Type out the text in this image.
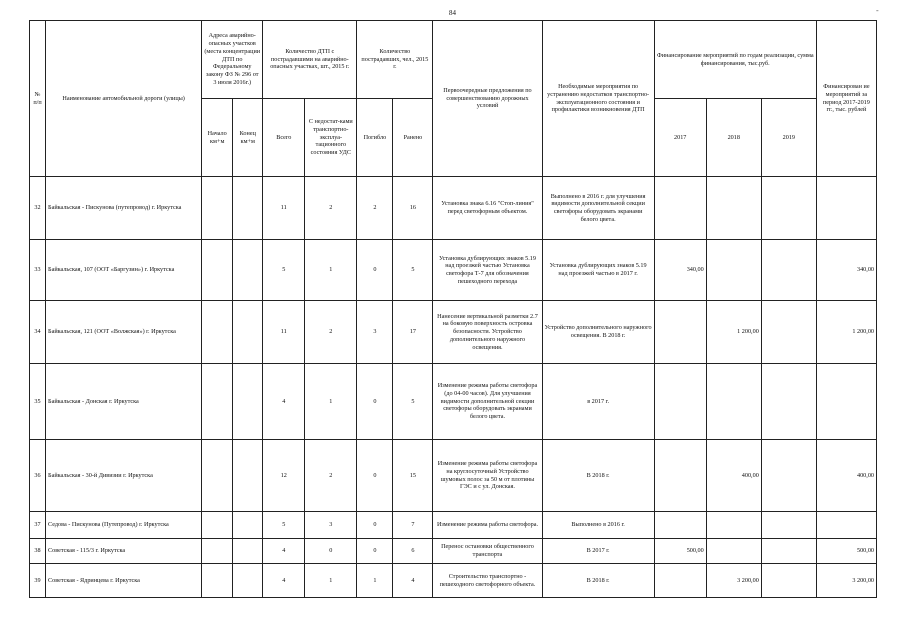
84	-
№ п/п	Наименование автомобильной дороги (улицы)	Адреса аварийно-опасных участков (места концентрации ДТП по Федеральному закону ФЗ № 296 от 3 июля 2016г.)		Количество ДТП с пострадавшими на аварийно-опасных участках, шт., 2015 г.		Количество пострадавших, чел., 2015 г.		Первоочередные предложения по совершенствованию дорожных условий	Необходимые мероприятия по устранению недостатков транспортно-эксплуатационного состояния и профилактики возникновения ДТП	Финансирование мероприятий по годам реализации, сумма финансирования, тыс.руб.			Финансирован ие мероприятий за период 2017-2019 гг., тыс. рублей
		Начало км+м	Конец км+м	Всего	С недостат-ками транспортно-эксплуа-тационного состояния УДС	Погибло	Ранено			2017	2018	2019	
32	Байкальская - Пискунова (путепровод) г. Иркутска			11	2	2	16	Установка знака 6.16 "Стоп-линия" перед светофорным объектом.	Выполнено в 2016 г. для улучшения видимости дополнительной секции светофоры оборудовать экранами белого цвета.				
33	Байкальская, 107 (ООТ «Баргузин») г. Иркутска			5	1	0	5	Установка дублирующих знаков 5.19 над проезжей частью Установка светофора Т-7 для обозначения пешеходного перехода	Установка дублирующих знаков 5.19 над проезжей частью в 2017 г.	340,00			340,00
34	Байкальская, 121 (ООТ «Волжская») г. Иркутска			11	2	3	17	Нанесение вертикальной разметки 2.7 на боковую поверхность островка безопасности. Устройство дополнительного наружного освещения.	Устройство дополнительного наружного освещения. В 2018 г.		1 200,00		1 200,00
35	Байкальская - Донская г. Иркутска			4	1	0	5	Изменение режима работы светофора (до 04-00 часов). Для улучшения видимости дополнительной секции светофоры оборудовать экранами белого цвета.	в 2017 г.				
36	Байкальская - 30-й Дивизии г. Иркутска			12	2	0	15	Изменение режима работы светофора на круглосуточный Устройство шумовых полос за 50 м от плотины ГЭС и с ул. Донская.	В 2018 г.		400,00		400,00
37	Седова - Пискунова (Путепровод) г. Иркутска			5	3	0	7	Изменение режима работы светофора.	Выполнено в 2016 г.				
38	Советская - 115/3 г. Иркутска			4	0	0	6	Перенос остановки общественного транспорта	В 2017 г.	500,00			500,00
39	Советская - Ядринцева г. Иркутска			4	1	1	4	Строительство транспортно - пешеходного светофорного объекта.	В 2018 г.		3 200,00		3 200,00
